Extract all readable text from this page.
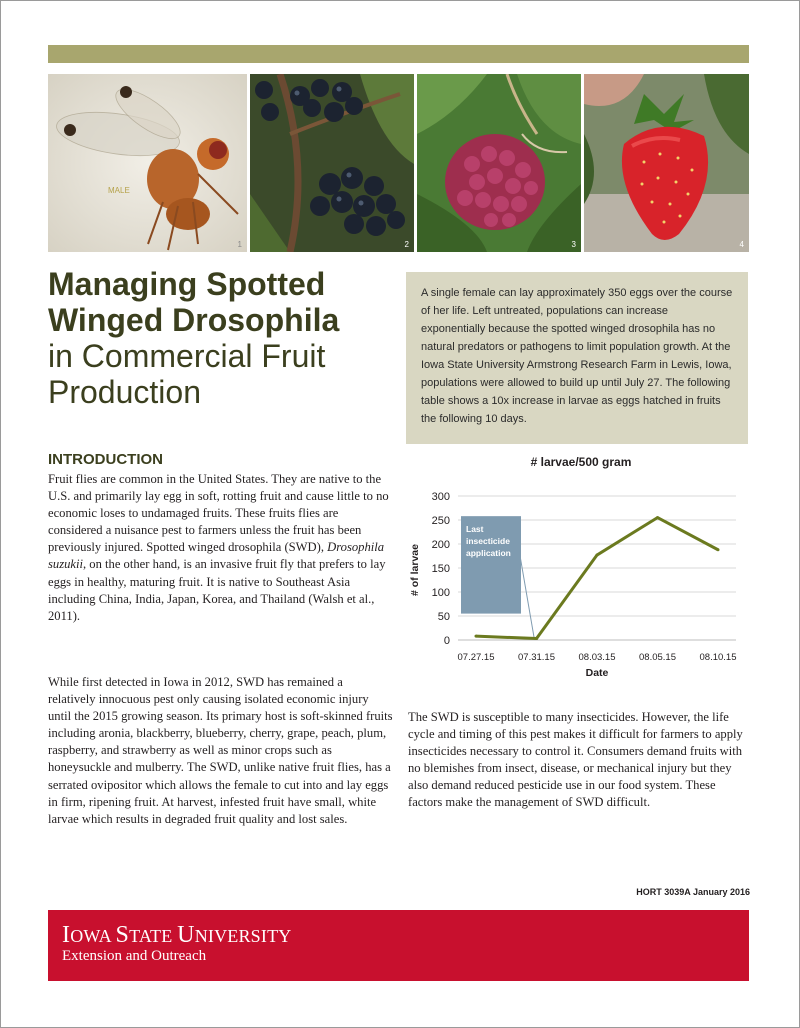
MALE
1	2	3	4
Managing Spotted
Winged Drosophila
in Commercial Fruit
Production
A single female can lay approximately 350 eggs over the course of her life. Left untreated, populations can increase exponentially because the spotted winged drosophila has no natural predators or pathogens to limit population growth. At the Iowa State University Armstrong Research Farm in Lewis, Iowa, populations were allowed to build up until July 27. The following table shows a 10x increase in larvae as eggs hatched in fruits the following 10 days.
INTRODUCTION
Fruit flies are common in the United States. They are native to the U.S. and primarily lay egg in soft, rotting fruit and cause little to no economic loses to undamaged fruits. These fruits flies are considered a nuisance pest to farmers unless the fruit has been previously injured. Spotted winged drosophila (SWD), Drosophila suzukii, on the other hand, is an invasive fruit fly that prefers to lay eggs in healthy, maturing fruit. It is native to Southeast Asia including China, India, Japan, Korea, and Thailand (Walsh et al., 2011).
While first detected in Iowa in 2012, SWD has remained a relatively innocuous pest only causing isolated economic injury until the 2015 growing season. Its primary host is soft-skinned fruits including aronia, blackberry, blueberry, cherry, grape, peach, plum, raspberry, and strawberry as well as minor crops such as honeysuckle and mulberry. The SWD, unlike native fruit flies, has a serrated ovipositor which allows the female to cut into and lay eggs in firm, ripening fruit. At harvest, infested fruit have small, white larvae which results in degraded fruit quality and lost sales.
The SWD is susceptible to many insecticides. However, the life cycle and timing of this pest makes it difficult for farmers to apply insecticides necessary to control it. Consumers demand fruits with no blemishes from insect, disease, or mechanical injury but they also demand reduced pesticide use in our food system. These factors make the management of SWD difficult.
# larvae/500 gram
0
50
100
150
200
250
300
07.27.15 07.31.15 08.03.15 08.05.15 08.10.15
Last
insecticide
application
# of larvae
Date
HORT 3039A January 2016
IOWA STATE UNIVERSITY
Extension and Outreach
